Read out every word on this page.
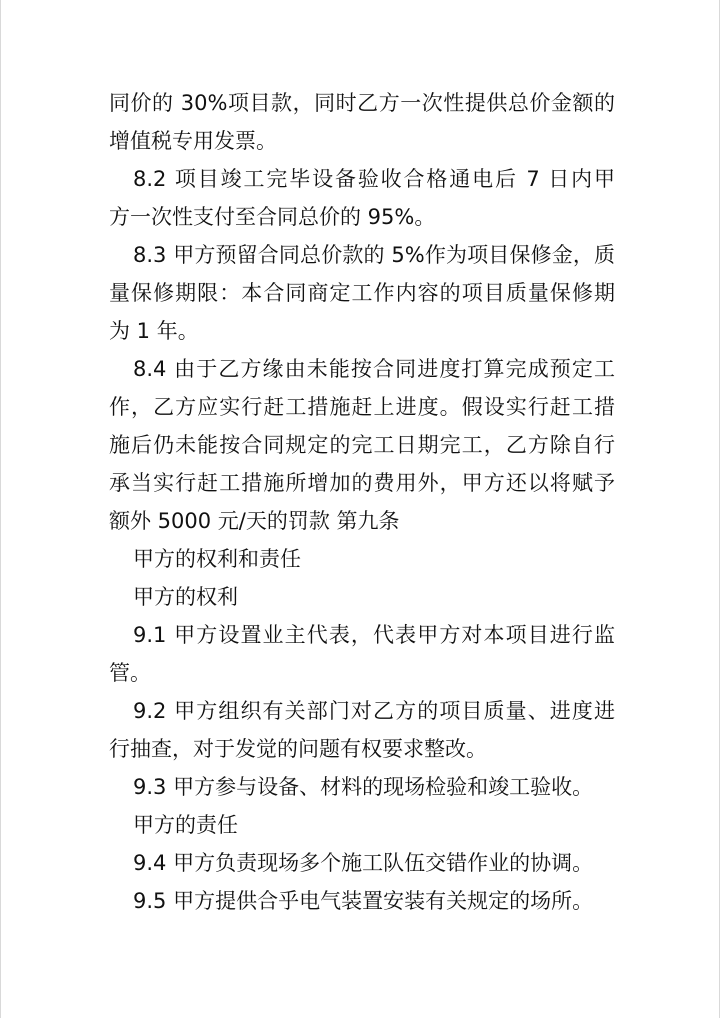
同价的 30%项目款，同时乙方一次性提供总价金额的
增值税专用发票。
8.2 项目竣工完毕设备验收合格通电后 7 日内甲
方一次性支付至合同总价的 95%。
8.3 甲方预留合同总价款的 5%作为项目保修金，质
量保修期限：本合同商定工作内容的项目质量保修期
为 1 年。
8.4 由于乙方缘由未能按合同进度打算完成预定工
作，乙方应实行赶工措施赶上进度。假设实行赶工措
施后仍未能按合同规定的完工日期完工，乙方除自行
承当实行赶工措施所增加的费用外，甲方还以将赋予
额外 5000 元/天的罚款 第九条
甲方的权利和责任
甲方的权利
9.1 甲方设置业主代表，代表甲方对本项目进行监
管。
9.2 甲方组织有关部门对乙方的项目质量、进度进
行抽查，对于发觉的问题有权要求整改。
9.3 甲方参与设备、材料的现场检验和竣工验收。
甲方的责任
9.4 甲方负责现场多个施工队伍交错作业的协调。
9.5 甲方提供合乎电气装置安装有关规定的场所。
